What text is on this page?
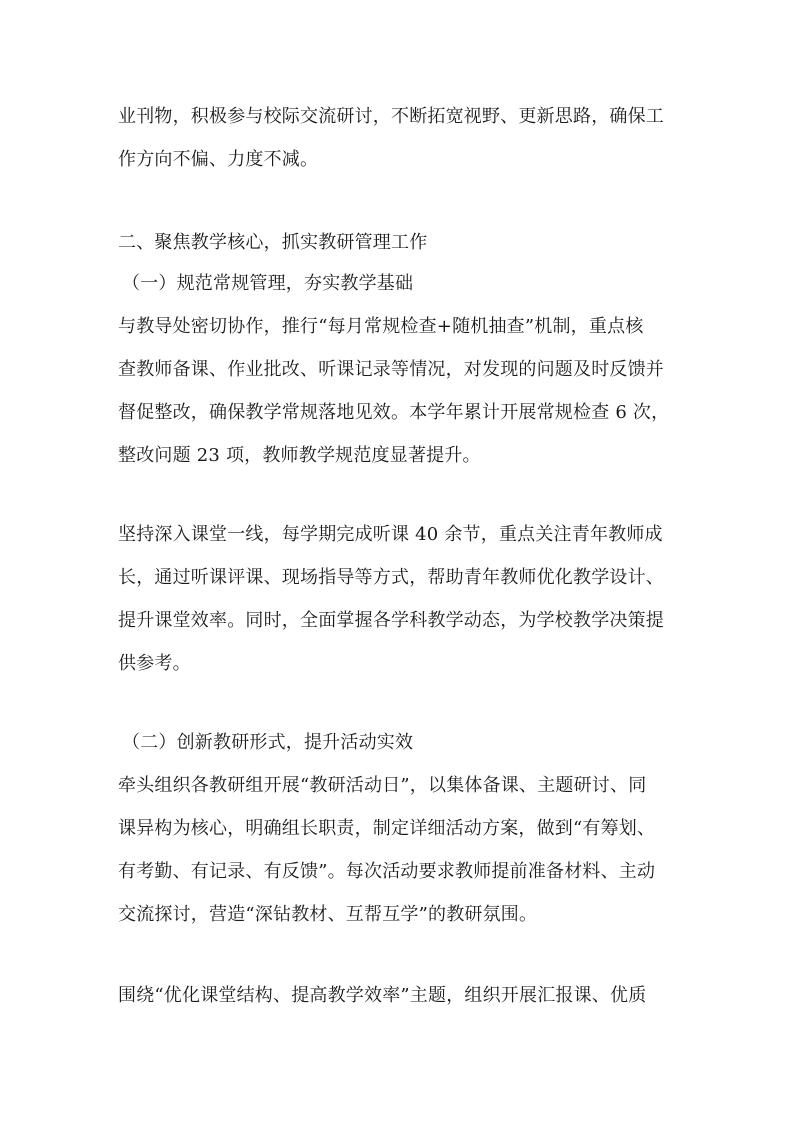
业刊物，积极参与校际交流研讨，不断拓宽视野、更新思路，确保工
作方向不偏、力度不减。
二、聚焦教学核心，抓实教研管理工作
（一）规范常规管理，夯实教学基础
与教导处密切协作，推行“每月常规检查+随机抽查”机制，重点核
查教师备课、作业批改、听课记录等情况，对发现的问题及时反馈并
督促整改，确保教学常规落地见效。本学年累计开展常规检查 6 次，
整改问题 23 项，教师教学规范度显著提升。
坚持深入课堂一线，每学期完成听课 40 余节，重点关注青年教师成
长，通过听课评课、现场指导等方式，帮助青年教师优化教学设计、
提升课堂效率。同时，全面掌握各学科教学动态，为学校教学决策提
供参考。
（二）创新教研形式，提升活动实效
牵头组织各教研组开展“教研活动日”，以集体备课、主题研讨、同
课异构为核心，明确组长职责，制定详细活动方案，做到“有筹划、
有考勤、有记录、有反馈”。每次活动要求教师提前准备材料、主动
交流探讨，营造“深钻教材、互帮互学”的教研氛围。
围绕“优化课堂结构、提高教学效率”主题，组织开展汇报课、优质
